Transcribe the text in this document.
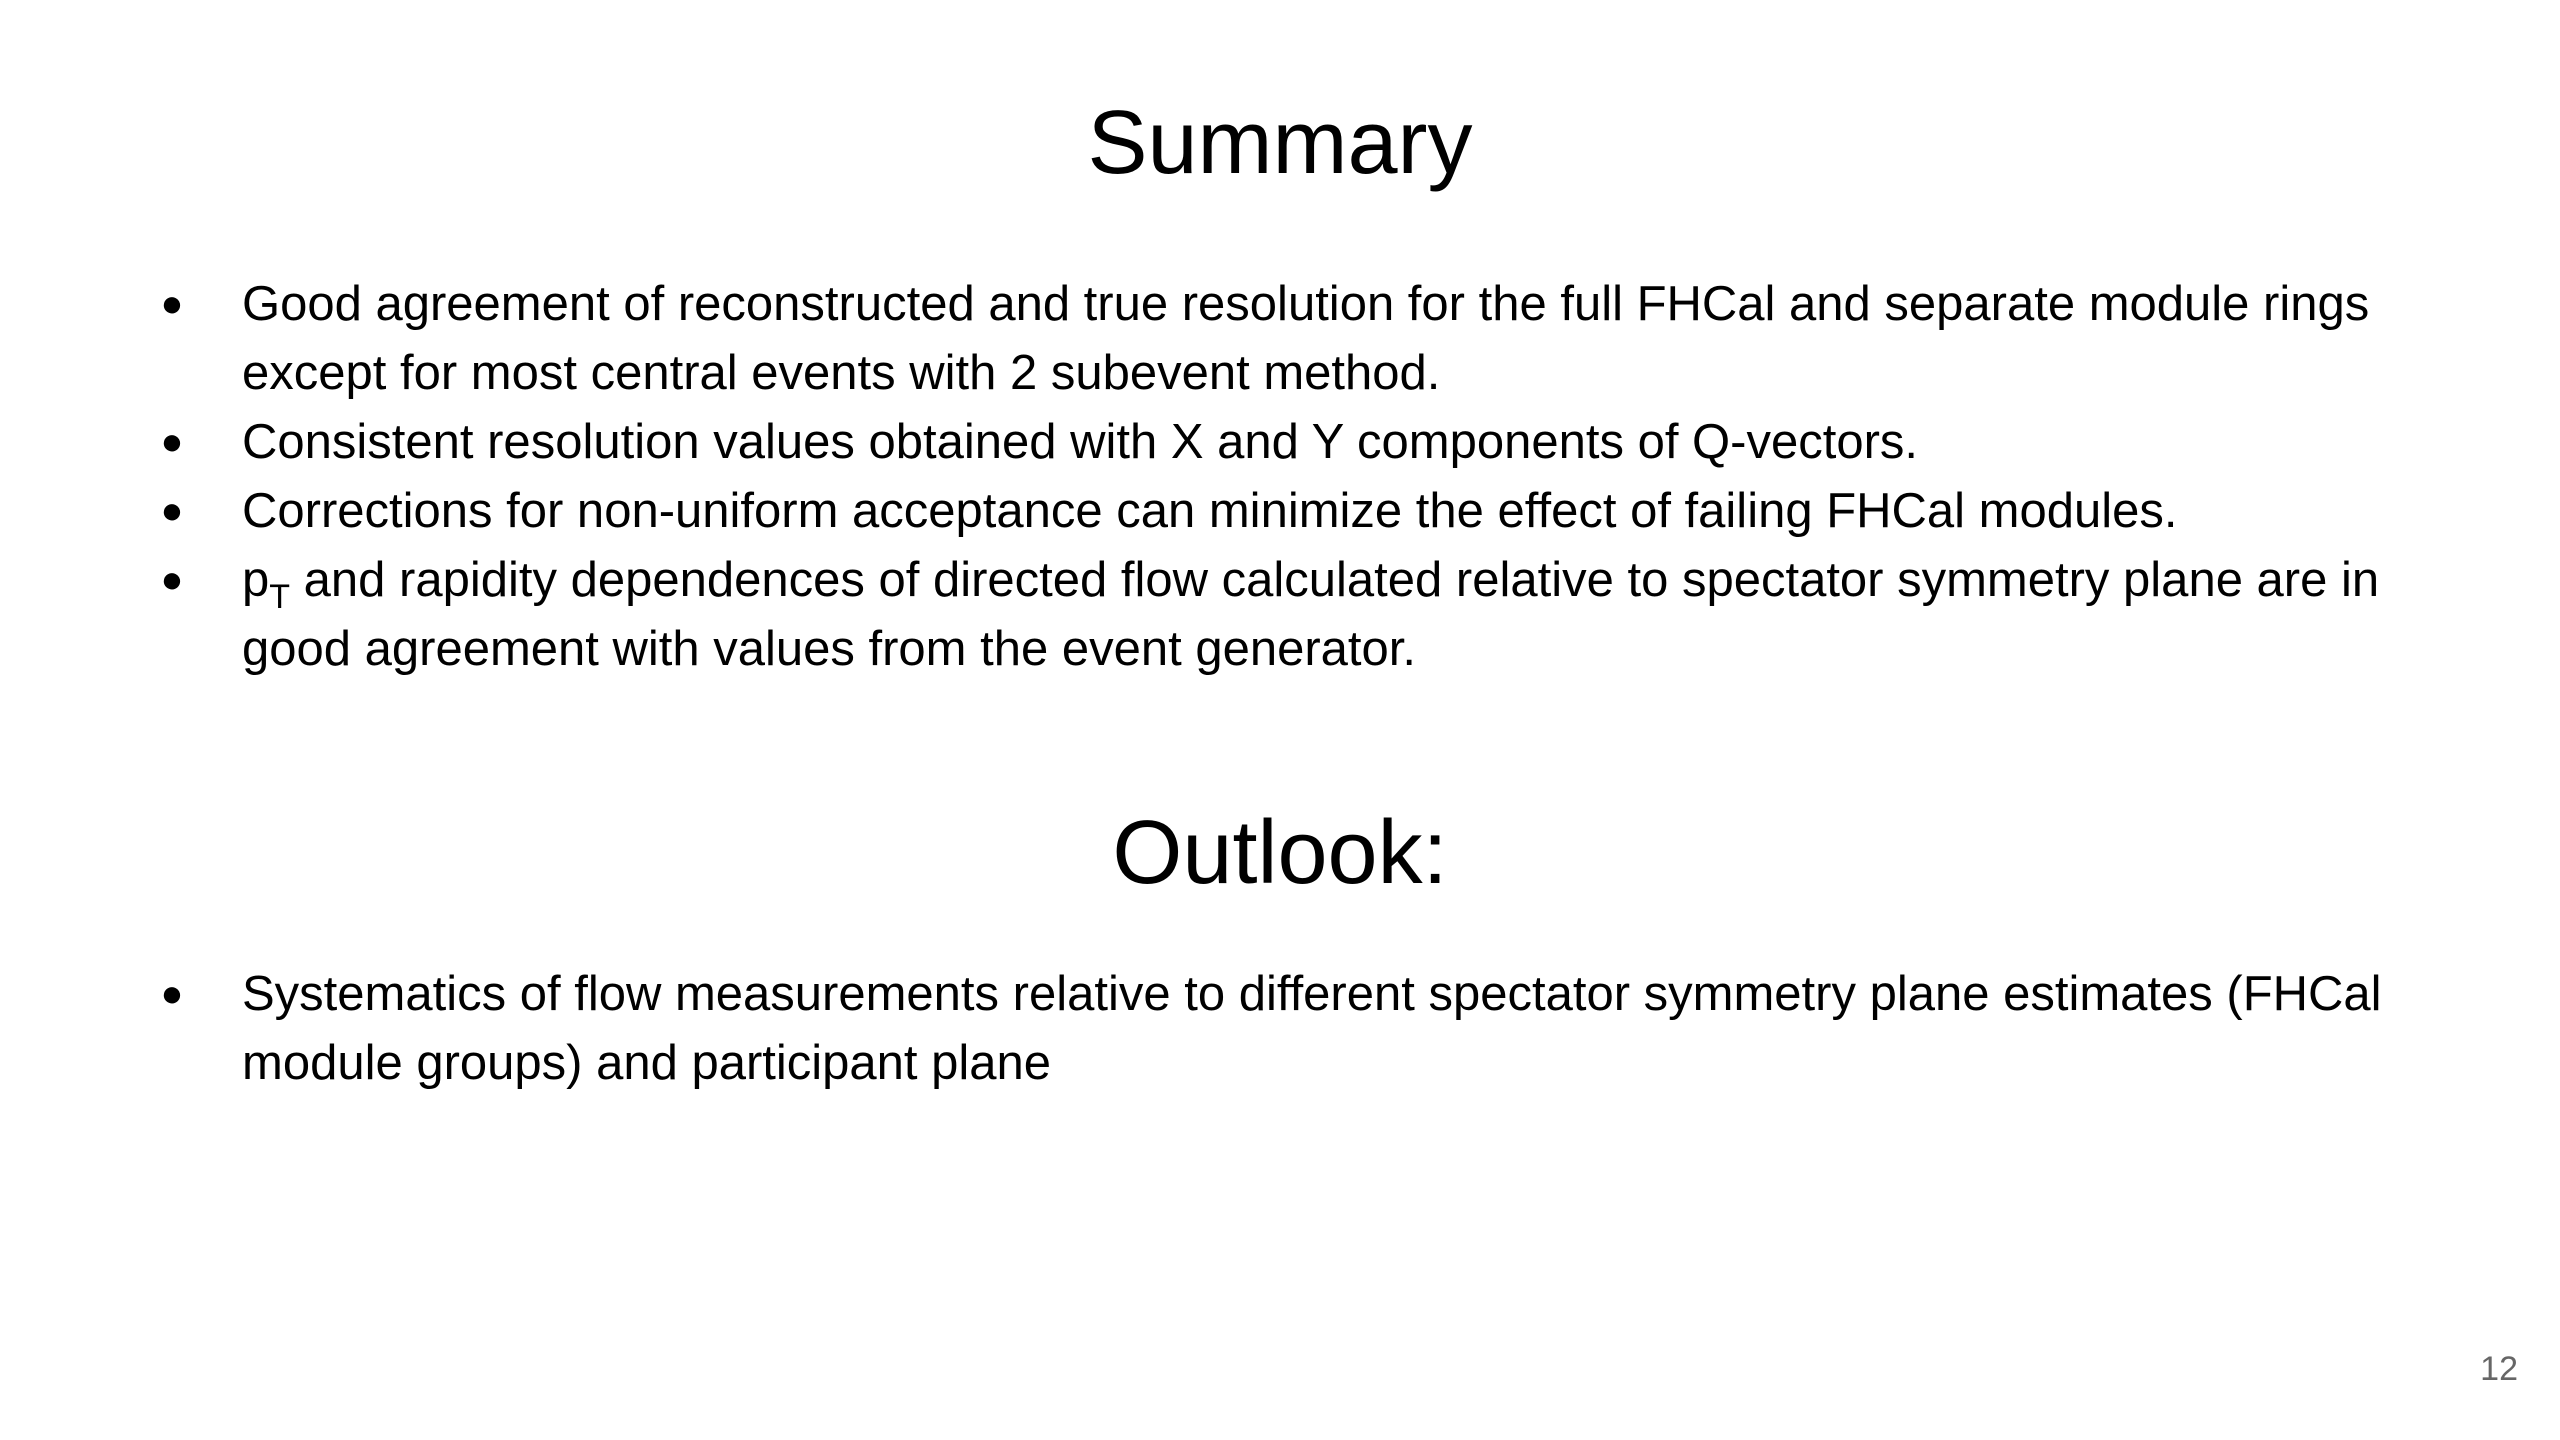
Summary
● Good agreement of reconstructed and true resolution for the full FHCal and separate module rings except for most central events with 2 subevent method.
● Consistent resolution values obtained with X and Y components of Q-vectors.
● Corrections for non-uniform acceptance can minimize the effect of failing FHCal modules.
● $p_T$ and rapidity dependences of directed flow calculated relative to spectator symmetry plane are in good agreement with values from the event generator.
Outlook:
● Systematics of flow measurements relative to different spectator symmetry plane estimates (FHCal module groups) and participant plane
12
